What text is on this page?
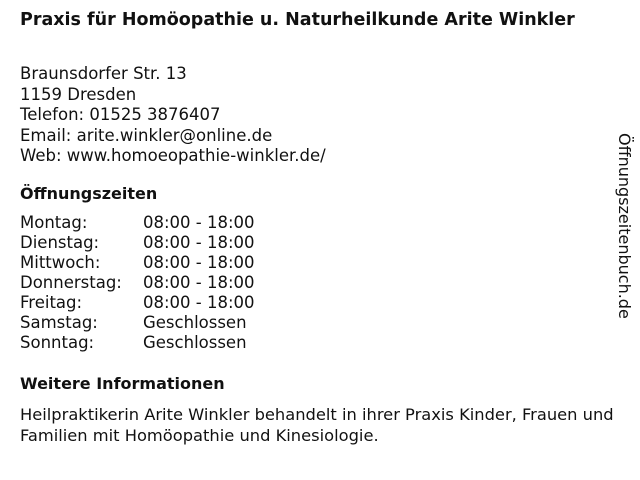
Praxis für Homöopathie u. Naturheilkunde Arite Winkler
Braunsdorfer Str. 13
1159 Dresden
Telefon: 01525 3876407
Email: arite.winkler@online.de
Web: www.homoeopathie-winkler.de/
Öffnungszeiten
Montag:	08:00 - 18:00
Dienstag:	08:00 - 18:00
Mittwoch:	08:00 - 18:00
Donnerstag:	08:00 - 18:00
Freitag:	08:00 - 18:00
Samstag:	Geschlossen
Sonntag:	Geschlossen
Weitere Informationen

Heilpraktikerin Arite Winkler behandelt in ihrer Praxis Kinder, Frauen und Familien mit Homöopathie und Kinesiologie.

Öffnungszeitenbuch.de
